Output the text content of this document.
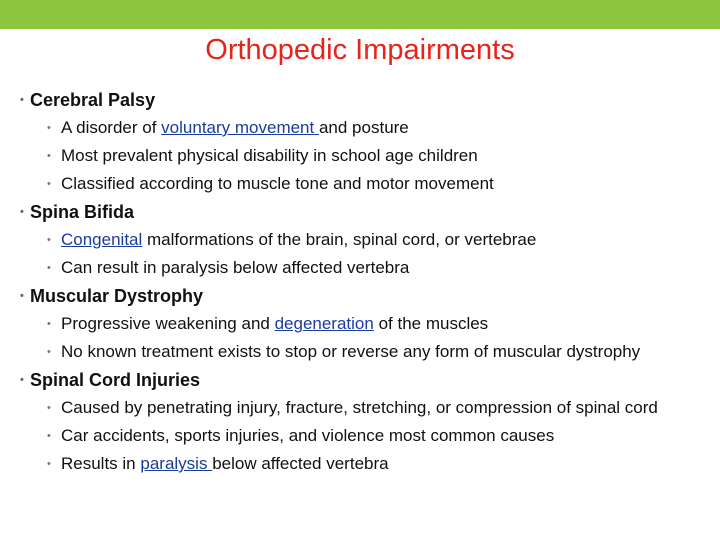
Orthopedic Impairments
• Cerebral Palsy
• A disorder of voluntary movement and posture
• Most prevalent physical disability in school age children
• Classified according to muscle tone and motor movement
• Spina Bifida
• Congenital malformations of the brain, spinal cord, or vertebrae
• Can result in paralysis below affected vertebra
• Muscular Dystrophy
• Progressive weakening and degeneration of the muscles
• No known treatment exists to stop or reverse any form of muscular dystrophy
• Spinal Cord Injuries
• Caused by penetrating injury, fracture, stretching, or compression of spinal cord
• Car accidents, sports injuries, and violence most common causes
• Results in paralysis below affected vertebra
